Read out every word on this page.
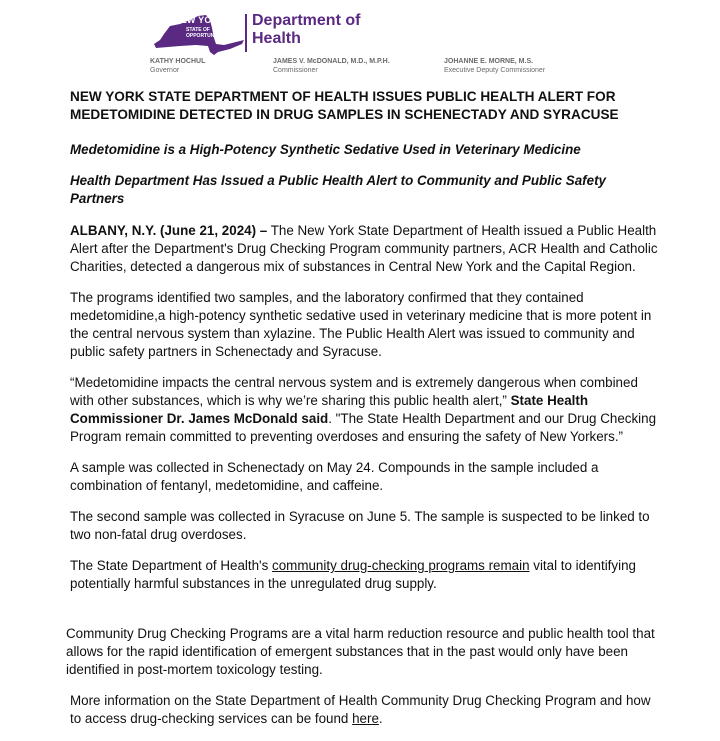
NEW YORK
STATE OF OPPORTUNITY.
Department of Health
KATHY HOCHUL
Governor
JAMES V. McDONALD, M.D., M.P.H.
Commissioner
JOHANNE E. MORNE, M.S.
Executive Deputy Commissioner
NEW YORK STATE DEPARTMENT OF HEALTH ISSUES PUBLIC HEALTH ALERT FOR MEDETOMIDINE DETECTED IN DRUG SAMPLES IN SCHENECTADY AND SYRACUSE
Medetomidine is a High-Potency Synthetic Sedative Used in Veterinary Medicine
Health Department Has Issued a Public Health Alert to Community and Public Safety Partners

ALBANY, N.Y. (June 21, 2024) – The New York State Department of Health issued a Public Health Alert after the Department's Drug Checking Program community partners, ACR Health and Catholic Charities, detected a dangerous mix of substances in Central New York and the Capital Region.

The programs identified two samples, and the laboratory confirmed that they contained medetomidine,a high-potency synthetic sedative used in veterinary medicine that is more potent in the central nervous system than xylazine. The Public Health Alert was issued to community and public safety partners in Schenectady and Syracuse.

“Medetomidine impacts the central nervous system and is extremely dangerous when combined with other substances, which is why we’re sharing this public health alert,” State Health Commissioner Dr. James McDonald said. "The State Health Department and our Drug Checking Program remain committed to preventing overdoses and ensuring the safety of New Yorkers.”

A sample was collected in Schenectady on May 24. Compounds in the sample included a combination of fentanyl, medetomidine, and caffeine.

The second sample was collected in Syracuse on June 5. The sample is suspected to be linked to two non-fatal drug overdoses.

The State Department of Health's community drug-checking programs remain vital to identifying potentially harmful substances in the unregulated drug supply.

Community Drug Checking Programs are a vital harm reduction resource and public health tool that allows for the rapid identification of emergent substances that in the past would only have been identified in post-mortem toxicology testing.

More information on the State Department of Health Community Drug Checking Program and how to access drug-checking services can be found here.
